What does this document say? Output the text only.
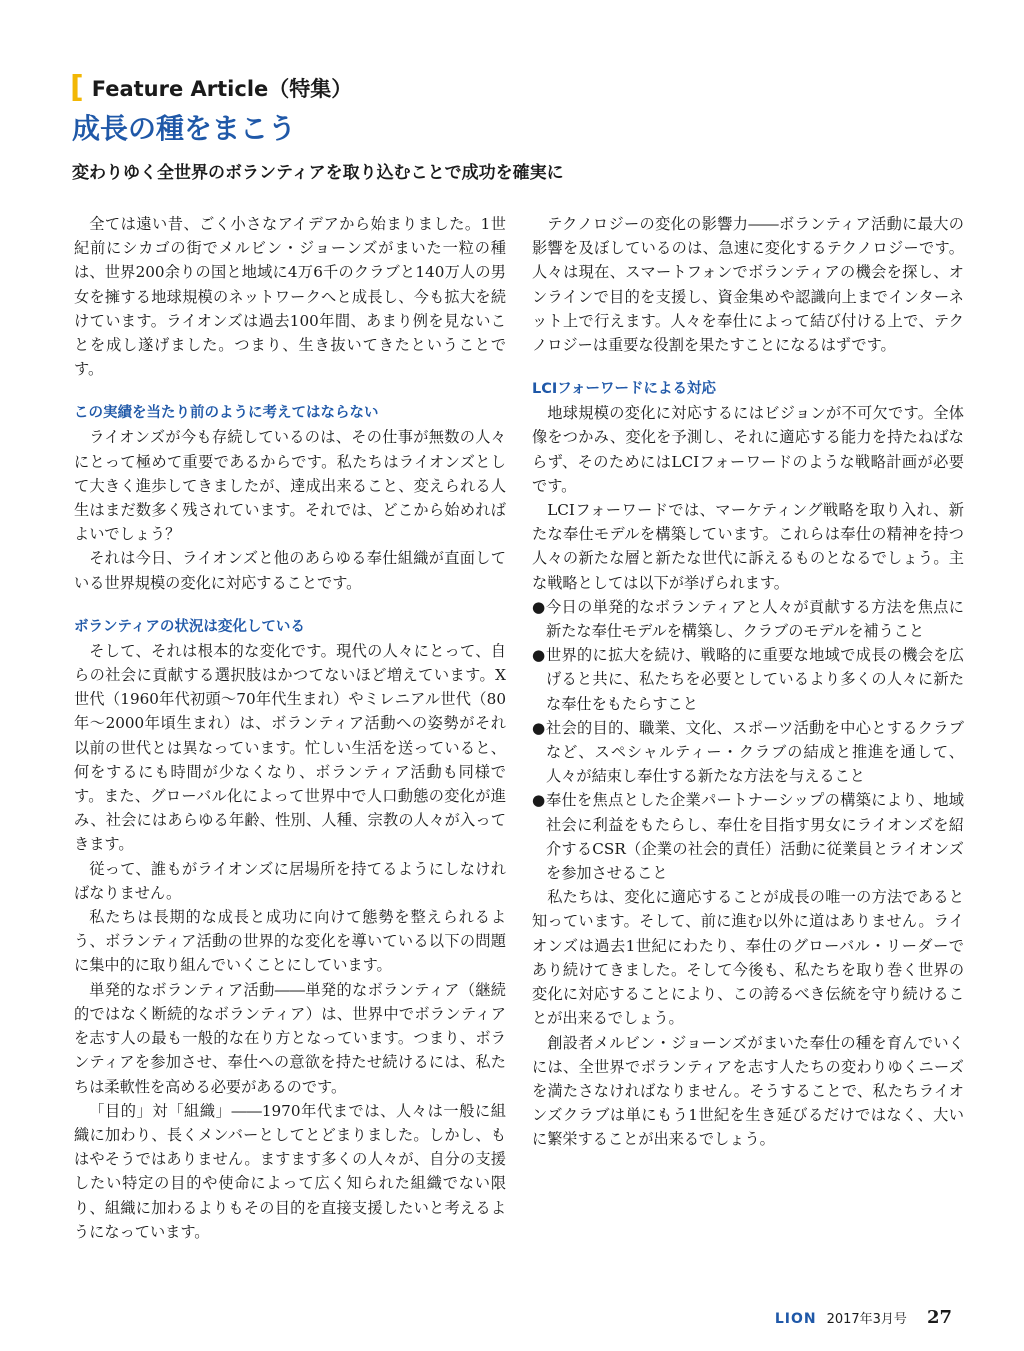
[ Feature Article（特集）
成長の種をまこう
変わりゆく全世界のボランティアを取り込むことで成功を確実に

全ては遠い昔、ごく小さなアイデアから始まりました。1世紀前にシカゴの街でメルビン・ジョーンズがまいた一粒の種は、世界200余りの国と地域に4万6千のクラブと140万人の男女を擁する地球規模のネットワークへと成長し、今も拡大を続けています。ライオンズは過去100年間、あまり例を見ないことを成し遂げました。つまり、生き抜いてきたということです。

この実績を当たり前のように考えてはならない

ライオンズが今も存続しているのは、その仕事が無数の人々にとって極めて重要であるからです。私たちはライオンズとして大きく進歩してきましたが、達成出来ること、変えられる人生はまだ数多く残されています。それでは、どこから始めればよいでしょう？

それは今日、ライオンズと他のあらゆる奉仕組織が直面している世界規模の変化に対応することです。

ボランティアの状況は変化している

そして、それは根本的な変化です。現代の人々にとって、自らの社会に貢献する選択肢はかつてないほど増えています。X世代（1960年代初頭～70年代生まれ）やミレニアル世代（80年～2000年頃生まれ）は、ボランティア活動への姿勢がそれ以前の世代とは異なっています。忙しい生活を送っていると、何をするにも時間が少なくなり、ボランティア活動も同様です。また、グローバル化によって世界中で人口動態の変化が進み、社会にはあらゆる年齢、性別、人種、宗教の人々が入ってきます。

従って、誰もがライオンズに居場所を持てるようにしなければなりません。

私たちは長期的な成長と成功に向けて態勢を整えられるよう、ボランティア活動の世界的な変化を導いている以下の問題に集中的に取り組んでいくことにしています。

単発的なボランティア活動――単発的なボランティア（継続的ではなく断続的なボランティア）は、世界中でボランティアを志す人の最も一般的な在り方となっています。つまり、ボランティアを参加させ、奉仕への意欲を持たせ続けるには、私たちは柔軟性を高める必要があるのです。

「目的」対「組織」――1970年代までは、人々は一般に組織に加わり、長くメンバーとしてとどまりました。しかし、もはやそうではありません。ますます多くの人々が、自分の支援したい特定の目的や使命によって広く知られた組織でない限り、組織に加わるよりもその目的を直接支援したいと考えるようになっています。

テクノロジーの変化の影響力――ボランティア活動に最大の影響を及ぼしているのは、急速に変化するテクノロジーです。人々は現在、スマートフォンでボランティアの機会を探し、オンラインで目的を支援し、資金集めや認識向上までインターネット上で行えます。人々を奉仕によって結び付ける上で、テクノロジーは重要な役割を果たすことになるはずです。

LCIフォーワードによる対応

地球規模の変化に対応するにはビジョンが不可欠です。全体像をつかみ、変化を予測し、それに適応する能力を持たねばならず、そのためにはLCIフォーワードのような戦略計画が必要です。

LCIフォーワードでは、マーケティング戦略を取り入れ、新たな奉仕モデルを構築しています。これらは奉仕の精神を持つ人々の新たな層と新たな世代に訴えるものとなるでしょう。主な戦略としては以下が挙げられます。

● 今日の単発的なボランティアと人々が貢献する方法を焦点に新たな奉仕モデルを構築し、クラブのモデルを補うこと
● 世界的に拡大を続け、戦略的に重要な地域で成長の機会を広げると共に、私たちを必要としているより多くの人々に新たな奉仕をもたらすこと
● 社会的目的、職業、文化、スポーツ活動を中心とするクラブなど、スペシャルティー・クラブの結成と推進を通して、人々が結束し奉仕する新たな方法を与えること
● 奉仕を焦点とした企業パートナーシップの構築により、地域社会に利益をもたらし、奉仕を目指す男女にライオンズを紹介するCSR（企業の社会的責任）活動に従業員とライオンズを参加させること

私たちは、変化に適応することが成長の唯一の方法であると知っています。そして、前に進む以外に道はありません。ライオンズは過去1世紀にわたり、奉仕のグローバル・リーダーであり続けてきました。そして今後も、私たちを取り巻く世界の変化に対応することにより、この誇るべき伝統を守り続けることが出来るでしょう。

創設者メルビン・ジョーンズがまいた奉仕の種を育んでいくには、全世界でボランティアを志す人たちの変わりゆくニーズを満たさなければなりません。そうすることで、私たちライオンズクラブは単にもう1世紀を生き延びるだけではなく、大いに繁栄することが出来るでしょう。

LION 2017年3月号 27
